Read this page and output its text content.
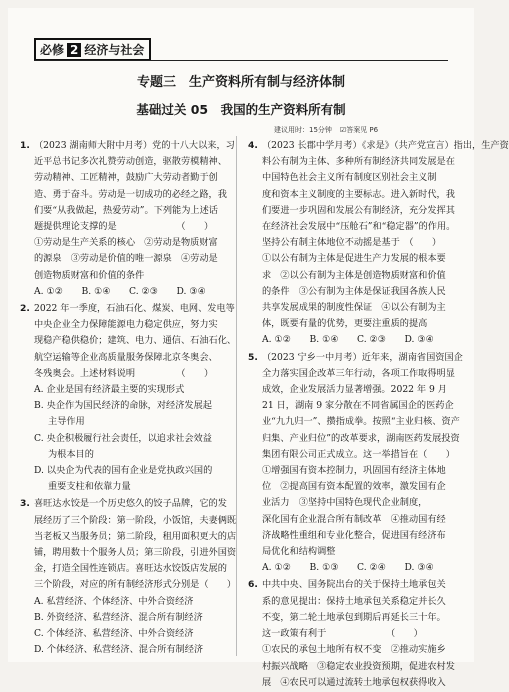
必修 2 经济与社会
专题三　生产资料所有制与经济体制
基础过关 05　我国的生产资料所有制
建议用时：15分钟 ☑答案见 P6
1. （2023 湖南师大附中月考）党的十八大以来，习
近平总书记多次礼赞劳动创造，驱散劳模精神、
劳动精神、工匠精神，鼓励广大劳动者勤于创
造、勇于奋斗。劳动是一切成功的必经之路，我
们要“从我做起，热爱劳动”。下列能为上述话
题提供理论支撑的是　　　　　　　（　　）
①劳动是生产关系的核心　②劳动是物质财富
的源泉　③劳动是价值的唯一源泉　④劳动是
创造物质财富和价值的条件
A. ①②	B. ①④	C. ②③	D. ③④
2. 2022 年一季度，石油石化、煤炭、电网、发电等
中央企业全力保障能源电力稳定供应，努力实
现稳产稳供稳价；建筑、电力、通信、石油石化、
航空运输等企业高质量服务保障北京冬奥会、
冬残奥会。上述材料说明　　　　　（　　）
A. 企业是国有经济最主要的实现形式
B. 央企作为国民经济的命脉，对经济发展起
主导作用
C. 央企积极履行社会责任，以追求社会效益
为根本目的
D. 以央企为代表的国有企业是党执政兴国的
重要支柱和依靠力量
3. 喜旺达水饺是一个历史悠久的饺子品牌，它的发
展经历了三个阶段：第一阶段，小饭馆，夫妻俩既
当老板又当服务员；第二阶段，租用面积更大的店
铺，聘用数十个服务人员；第三阶段，引进外国资
金，打造全国性连锁店。喜旺达水饺饭店发展的
三个阶段，对应的所有制经济形式分别是（　　）
A. 私营经济、个体经济、中外合资经济
B. 外资经济、私营经济、混合所有制经济
C. 个体经济、私营经济、中外合资经济
D. 个体经济、私营经济、混合所有制经济
4. （2023 长郡中学月考）《求是》（共产党宣言）指出，生产资
料公有制为主体、多种所有制经济共同发展是在
中国特色社会主义所有制度区别社会主义制
度和资本主义制度的主要标志。进入新时代，我
们要进一步巩固和发展公有制经济，充分发挥其
在经济社会发展中“压舱石”和“稳定器”的作用。
坚持公有制主体地位不动摇是基于　（　　）
①以公有制为主体是促进生产力发展的根本要
求　②以公有制为主体是创造物质财富和价值
的条件　③公有制为主体是保证我国各族人民
共享发展成果的制度性保证　④以公有制为主
体，既要有量的优势，更要注重质的提高
A. ①②	B. ①④	C. ②③	D. ③④
5. （2023 宁乡一中月考）近年来，湖南省国资国企
全力落实国企改革三年行动，各项工作取得明显
成效，企业发展活力显著增强。2022 年 9 月
21 日，湖南 9 家分散在不同省属国企的医药企
业“九九归一”、攒指成拳。按照“主业归核、资产
归集、产业归位”的改革要求，湖南医药发展投资
集团有限公司正式成立。这一举措旨在（　　）
①增强国有资本控制力，巩固国有经济主体地
位　②提高国有资本配置的效率，激发国有企
业活力　③坚持中国特色现代企业制度，
深化国有企业混合所有制改革　④推动国有经
济战略性重组和专业化整合，促进国有经济布
局优化和结构调整
A. ①②	B. ①③	C. ②④	D. ③④
6. 中共中央、国务院出台的关于保持土地承包关
系的意见提出：保持土地承包关系稳定并长久
不变，第二轮土地承包到期后再延长三十年。
这一政策有利于　　　　　　　（　　）
①农民的承包土地所有权不变　②推动实施乡
村振兴战略　③稳定农业投资预期，促进农村发
展　④农民可以通过流转土地承包权获得收入
